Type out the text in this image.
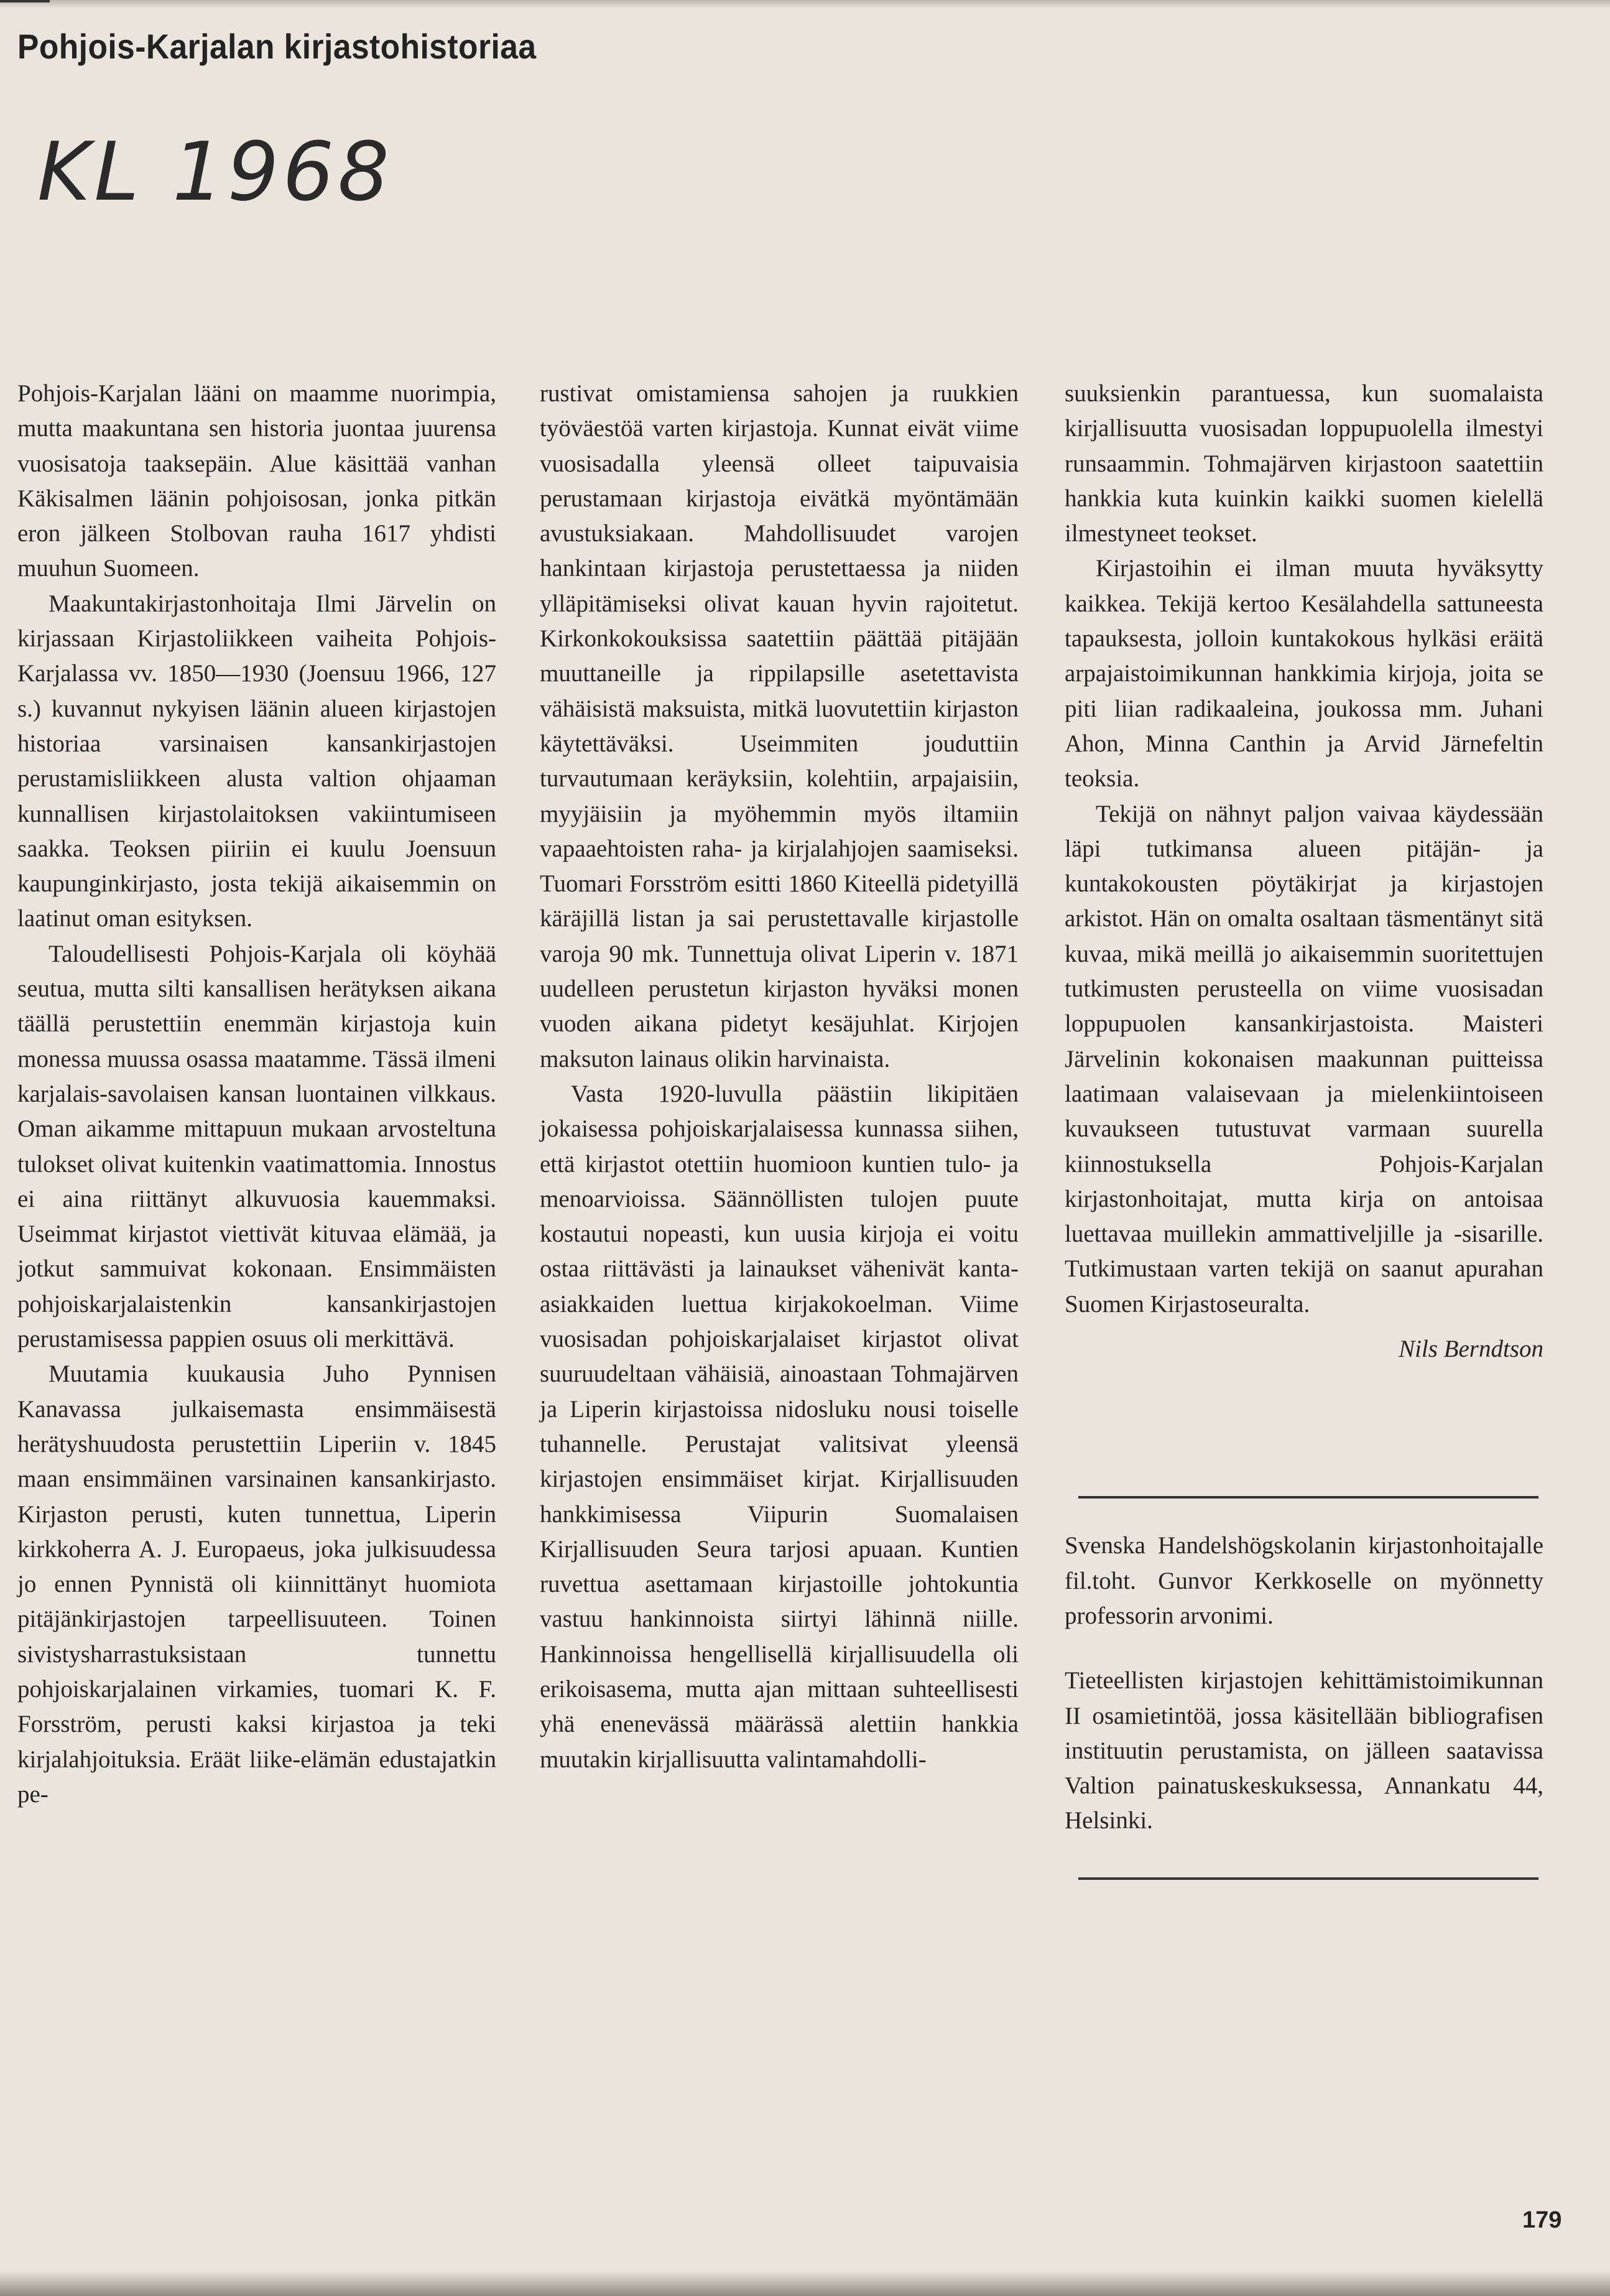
Pohjois-Karjalan kirjastohistoriaa
KL 1968

Pohjois-Karjalan lääni on maamme nuorimpia, mutta maakuntana sen historia juontaa juurensa vuosisatoja taaksepäin. Alue käsittää vanhan Käkisalmen läänin pohjoisosan, jonka pitkän eron jälkeen Stolbovan rauha 1617 yhdisti muuhun Suomeen.

Maakuntakirjastonhoitaja Ilmi Järvelin on kirjassaan Kirjastoliikkeen vaiheita Pohjois-Karjalassa vv. 1850—1930 (Joensuu 1966, 127 s.) kuvannut nykyisen läänin alueen kirjastojen historiaa varsinaisen kansankirjastojen perustamisliikkeen alusta valtion ohjaaman kunnallisen kirjastolaitoksen vakiintumiseen saakka. Teoksen piiriin ei kuulu Joensuun kaupunginkirjasto, josta tekijä aikaisemmin on laatinut oman esityksen.

Taloudellisesti Pohjois-Karjala oli köyhää seutua, mutta silti kansallisen herätyksen aikana täällä perustettiin enemmän kirjastoja kuin monessa muussa osassa maatamme. Tässä ilmeni karjalais-savolaisen kansan luontainen vilkkaus. Oman aikamme mittapuun mukaan arvosteltuna tulokset olivat kuitenkin vaatimattomia. Innostus ei aina riittänyt alkuvuosia kauemmaksi. Useimmat kirjastot viettivät kituvaa elämää, ja jotkut sammuivat kokonaan. Ensimmäisten pohjoiskarjalaistenkin kansankirjastojen perustamisessa pappien osuus oli merkittävä.

Muutamia kuukausia Juho Pynnisen Kanavassa julkaisemasta ensimmäisestä herätyshuudosta perustettiin Liperiin v. 1845 maan ensimmäinen varsinainen kansankirjasto. Kirjaston perusti, kuten tunnettua, Liperin kirkkoherra A. J. Europaeus, joka julkisuudessa jo ennen Pynnistä oli kiinnittänyt huomiota pitäjänkirjastojen tarpeellisuuteen. Toinen sivistysharrastuksistaan tunnettu pohjoiskarjalainen virkamies, tuomari K. F. Forsström, perusti kaksi kirjastoa ja teki kirjalahjoituksia. Eräät liike-elämän edustajatkin pe-

rustivat omistamiensa sahojen ja ruukkien työväestöä varten kirjastoja. Kunnat eivät viime vuosisadalla yleensä olleet taipuvaisia perustamaan kirjastoja eivätkä myöntämään avustuksiakaan. Mahdollisuudet varojen hankintaan kirjastoja perustettaessa ja niiden ylläpitämiseksi olivat kauan hyvin rajoitetut. Kirkonkokouksissa saatettiin päättää pitäjään muuttaneille ja rippilapsille asetettavista vähäisistä maksuista, mitkä luovutettiin kirjaston käytettäväksi. Useimmiten jouduttiin turvautumaan keräyksiin, kolehtiin, arpajaisiin, myyjäisiin ja myöhemmin myös iltamiin vapaaehtoisten raha- ja kirjalahjojen saamiseksi. Tuomari Forsström esitti 1860 Kiteellä pidetyillä käräjillä listan ja sai perustettavalle kirjastolle varoja 90 mk. Tunnettuja olivat Liperin v. 1871 uudelleen perustetun kirjaston hyväksi monen vuoden aikana pidetyt kesäjuhlat. Kirjojen maksuton lainaus olikin harvinaista.

Vasta 1920-luvulla päästiin likipitäen jokaisessa pohjoiskarjalaisessa kunnassa siihen, että kirjastot otettiin huomioon kuntien tulo- ja menoarvioissa. Säännöllisten tulojen puute kostautui nopeasti, kun uusia kirjoja ei voitu ostaa riittävästi ja lainaukset vähenivät kanta-asiakkaiden luettua kirjakokoelman. Viime vuosisadan pohjoiskarjalaiset kirjastot olivat suuruudeltaan vähäisiä, ainoastaan Tohmajärven ja Liperin kirjastoissa nidosluku nousi toiselle tuhannelle. Perustajat valitsivat yleensä kirjastojen ensimmäiset kirjat. Kirjallisuuden hankkimisessa Viipurin Suomalaisen Kirjallisuuden Seura tarjosi apuaan. Kuntien ruvettua asettamaan kirjastoille johtokuntia vastuu hankinnoista siirtyi lähinnä niille. Hankinnoissa hengellisellä kirjallisuudella oli erikoisasema, mutta ajan mittaan suhteellisesti yhä enenevässä määrässä alettiin hankkia muutakin kirjallisuutta valintamahdolli-

suuksienkin parantuessa, kun suomalaista kirjallisuutta vuosisadan loppupuolella ilmestyi runsaammin. Tohmajärven kirjastoon saatettiin hankkia kuta kuinkin kaikki suomen kielellä ilmestyneet teokset.

Kirjastoihin ei ilman muuta hyväksytty kaikkea. Tekijä kertoo Kesälahdella sattuneesta tapauksesta, jolloin kuntakokous hylkäsi eräitä arpajaistoimikunnan hankkimia kirjoja, joita se piti liian radikaaleina, joukossa mm. Juhani Ahon, Minna Canthin ja Arvid Järnefeltin teoksia.

Tekijä on nähnyt paljon vaivaa käydessään läpi tutkimansa alueen pitäjän- ja kuntakokousten pöytäkirjat ja kirjastojen arkistot. Hän on omalta osaltaan täsmentänyt sitä kuvaa, mikä meillä jo aikaisemmin suoritettujen tutkimusten perusteella on viime vuosisadan loppupuolen kansankirjastoista. Maisteri Järvelinin kokonaisen maakunnan puitteissa laatimaan valaisevaan ja mielenkiintoiseen kuvaukseen tutustuvat varmaan suurella kiinnostuksella Pohjois-Karjalan kirjastonhoitajat, mutta kirja on antoisaa luettavaa muillekin ammattiveljille ja -sisarille. Tutkimustaan varten tekijä on saanut apurahan Suomen Kirjastoseuralta.

Nils Berndtson

Svenska Handelshögskolanin kirjastonhoitajalle fil.toht. Gunvor Kerkkoselle on myönnetty professorin arvonimi.

Tieteellisten kirjastojen kehittämistoimikunnan II osamietintöä, jossa käsitellään bibliografisen instituutin perustamista, on jälleen saatavissa Valtion painatuskeskuksessa, Annankatu 44, Helsinki.

179
